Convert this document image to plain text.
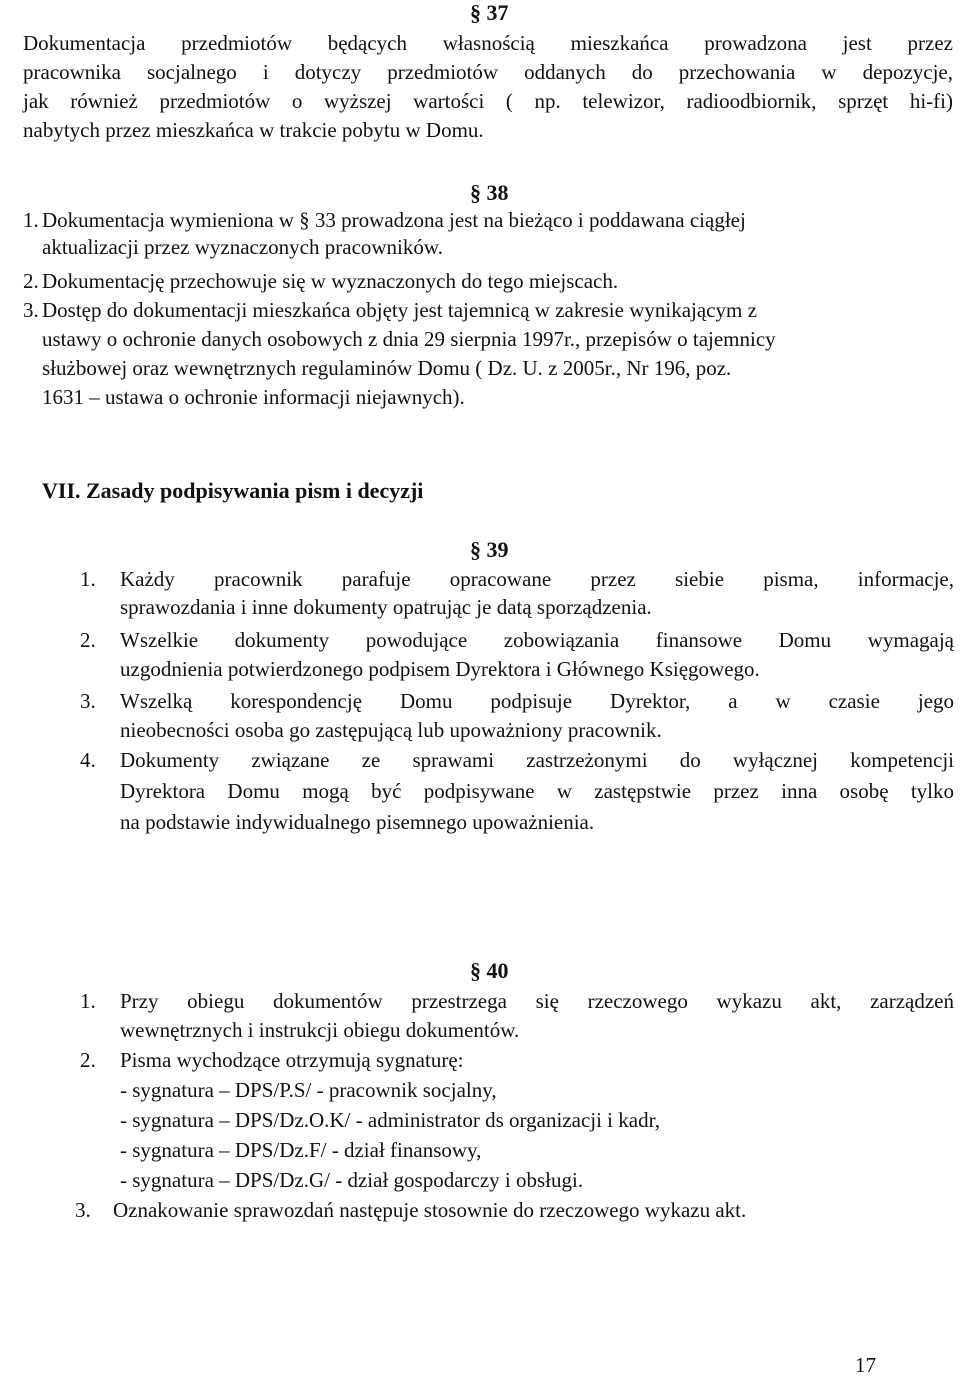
§ 37
Dokumentacja przedmiotów będących własnością mieszkańca prowadzona jest przez
pracownika socjalnego i dotyczy przedmiotów oddanych do przechowania w depozycje,
jak również przedmiotów o wyższej wartości ( np. telewizor, radioodbiornik, sprzęt hi-fi)
nabytych przez mieszkańca w trakcie pobytu w Domu.
§ 38
1. Dokumentacja wymieniona w § 33 prowadzona jest na bieżąco i poddawana ciągłej
aktualizacji przez wyznaczonych pracowników.
2. Dokumentację przechowuje się w wyznaczonych do tego miejscach.
3. Dostęp do dokumentacji mieszkańca objęty jest tajemnicą w zakresie wynikającym z
ustawy o ochronie danych osobowych z dnia 29 sierpnia 1997r., przepisów o tajemnicy
służbowej oraz wewnętrznych regulaminów Domu ( Dz. U. z 2005r., Nr 196, poz.
1631 – ustawa o ochronie informacji niejawnych).
VII. Zasady podpisywania pism i decyzji
§ 39
1. Każdy pracownik parafuje opracowane przez siebie pisma, informacje,
sprawozdania i inne dokumenty opatrując je datą sporządzenia.
2. Wszelkie dokumenty powodujące zobowiązania finansowe Domu wymagają
uzgodnienia potwierdzonego podpisem Dyrektora i Głównego Księgowego.
3. Wszelką korespondencję Domu podpisuje Dyrektor, a w czasie jego
nieobecności osoba go zastępującą lub upoważniony pracownik.
4. Dokumenty związane ze sprawami zastrzeżonymi do wyłącznej kompetencji
Dyrektora Domu mogą być podpisywane w zastępstwie przez inna osobę tylko
na podstawie indywidualnego pisemnego upoważnienia.
§ 40
1. Przy obiegu dokumentów przestrzega się rzeczowego wykazu akt, zarządzeń
wewnętrznych i instrukcji obiegu dokumentów.
2. Pisma wychodzące otrzymują sygnaturę:
- sygnatura – DPS/P.S/ - pracownik socjalny,
- sygnatura – DPS/Dz.O.K/ - administrator ds organizacji i kadr,
- sygnatura – DPS/Dz.F/ - dział finansowy,
- sygnatura – DPS/Dz.G/ - dział gospodarczy i obsługi.
3. Oznakowanie sprawozdań następuje stosownie do rzeczowego wykazu akt.
17
